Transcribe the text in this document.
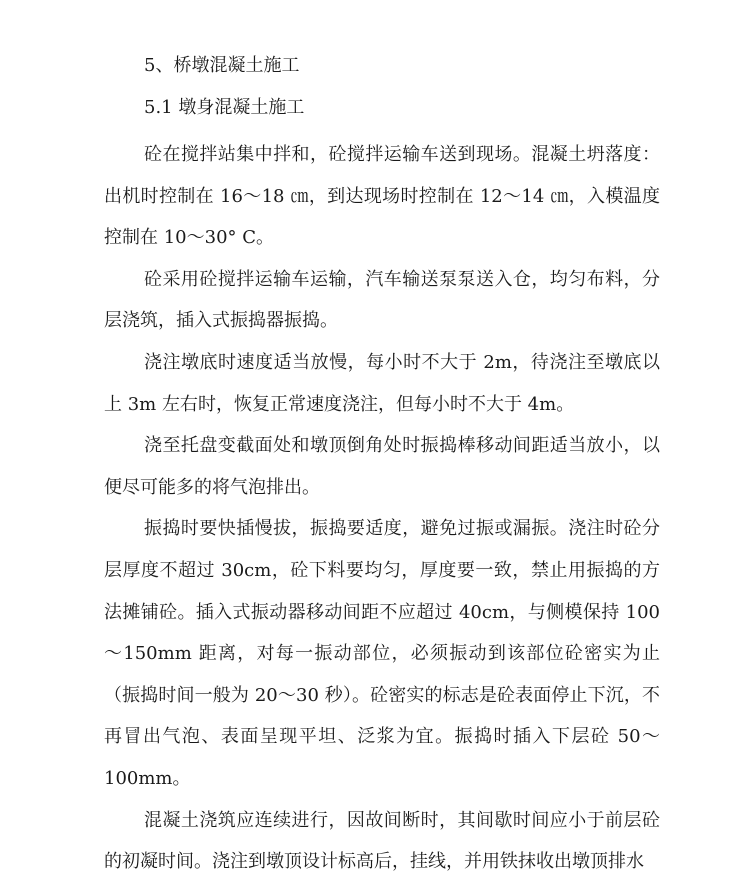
5、桥墩混凝土施工
5.1 墩身混凝土施工

砼在搅拌站集中拌和，砼搅拌运输车送到现场。混凝土坍落度：出机时控制在 16～18 ㎝，到达现场时控制在 12～14 ㎝，入模温度控制在 10～30° C。

砼采用砼搅拌运输车运输，汽车输送泵泵送入仓，均匀布料，分层浇筑，插入式振捣器振捣。

浇注墩底时速度适当放慢，每小时不大于 2m，待浇注至墩底以上 3m 左右时，恢复正常速度浇注，但每小时不大于 4m。

浇至托盘变截面处和墩顶倒角处时振捣棒移动间距适当放小，以便尽可能多的将气泡排出。

振捣时要快插慢拔，振捣要适度，避免过振或漏振。浇注时砼分层厚度不超过 30cm，砼下料要均匀，厚度要一致，禁止用振捣的方法摊铺砼。插入式振动器移动间距不应超过 40cm，与侧模保持 100～150mm 距离，对每一振动部位，必须振动到该部位砼密实为止（振捣时间一般为 20～30 秒）。砼密实的标志是砼表面停止下沉，不再冒出气泡、表面呈现平坦、泛浆为宜。振捣时插入下层砼 50～100mm。

混凝土浇筑应连续进行，因故间断时，其间歇时间应小于前层砼的初凝时间。浇注到墩顶设计标高后，挂线，并用铁抹收出墩顶排水
